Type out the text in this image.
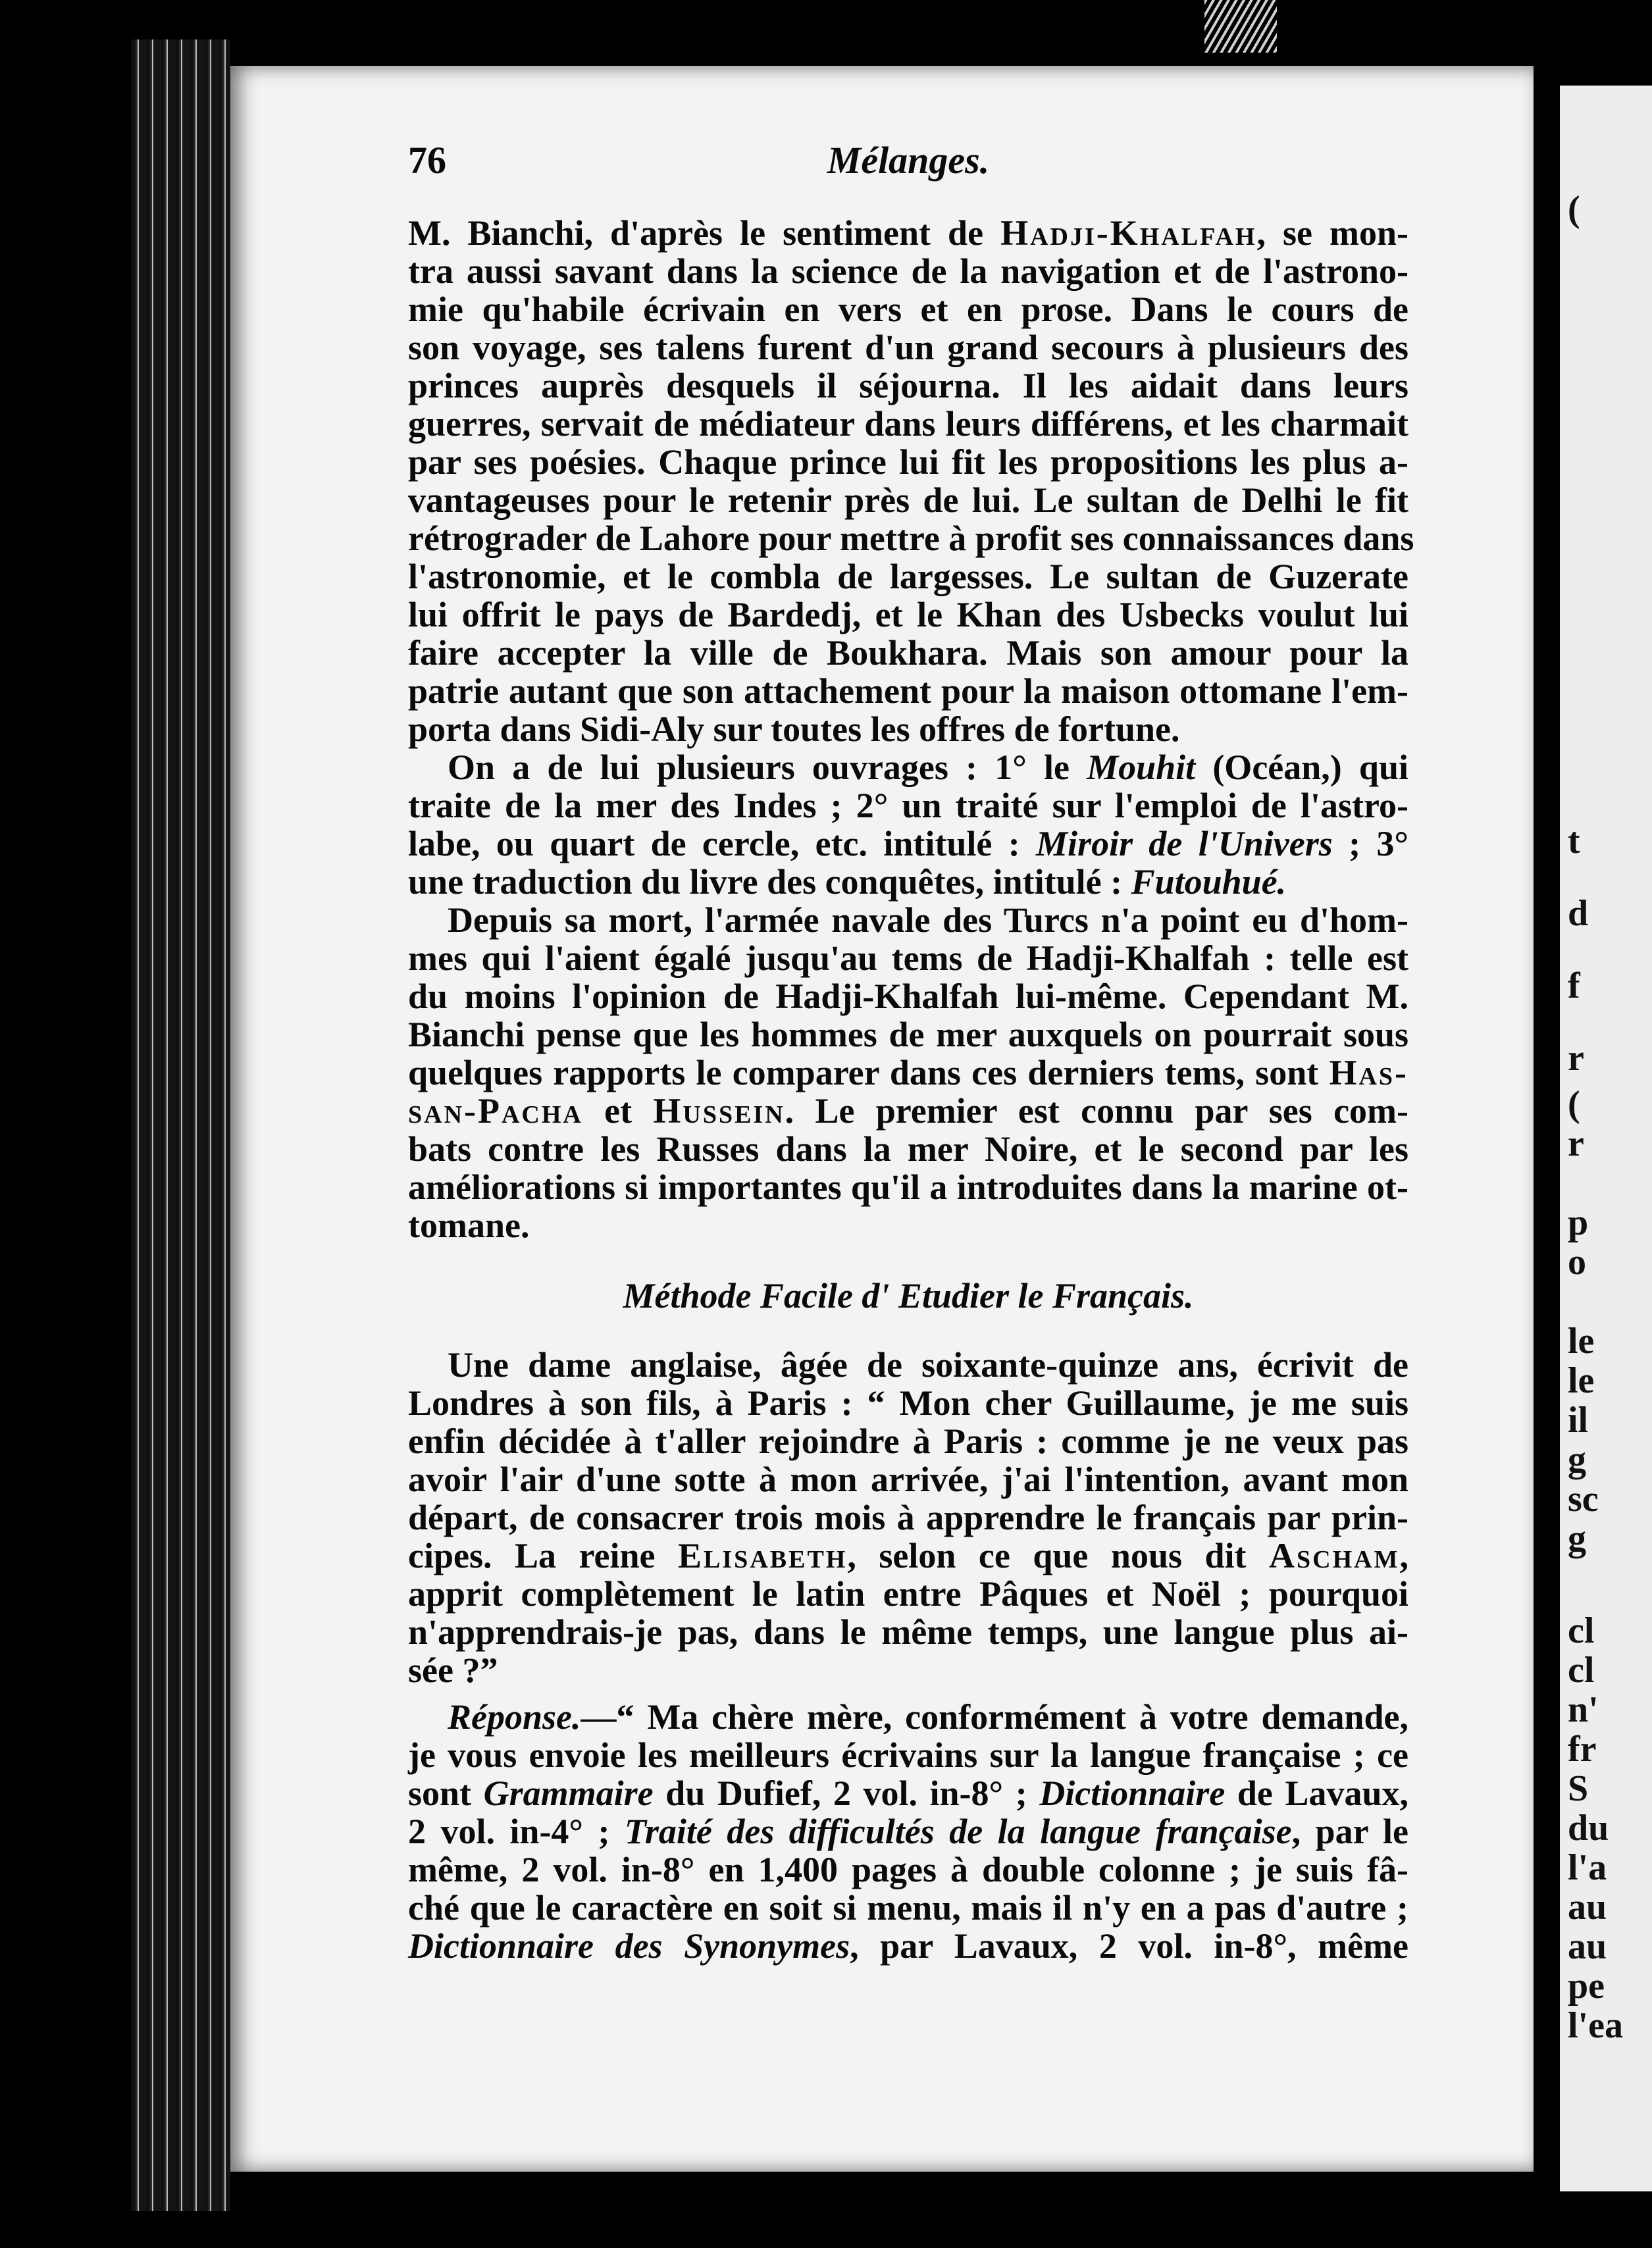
76	Mélanges.
M. Bianchi, d'après le sentiment de Hadji-Khalfah, se mon-
tra aussi savant dans la science de la navigation et de l'astrono-
mie qu'habile écrivain en vers et en prose. Dans le cours de
son voyage, ses talens furent d'un grand secours à plusieurs des
princes auprès desquels il séjourna. Il les aidait dans leurs
guerres, servait de médiateur dans leurs différens, et les charmait
par ses poésies. Chaque prince lui fit les propositions les plus a-
vantageuses pour le retenir près de lui. Le sultan de Delhi le fit
rétrograder de Lahore pour mettre à profit ses connaissances dans
l'astronomie, et le combla de largesses. Le sultan de Guzerate
lui offrit le pays de Bardedj, et le Khan des Usbecks voulut lui
faire accepter la ville de Boukhara. Mais son amour pour la
patrie autant que son attachement pour la maison ottomane l'em-
porta dans Sidi-Aly sur toutes les offres de fortune.
On a de lui plusieurs ouvrages : 1° le Mouhit (Océan,) qui
traite de la mer des Indes ; 2° un traité sur l'emploi de l'astro-
labe, ou quart de cercle, etc. intitulé : Miroir de l'Univers ; 3°
une traduction du livre des conquêtes, intitulé : Futouhué.
Depuis sa mort, l'armée navale des Turcs n'a point eu d'hom-
mes qui l'aient égalé jusqu'au tems de Hadji-Khalfah : telle est
du moins l'opinion de Hadji-Khalfah lui-même. Cependant M.
Bianchi pense que les hommes de mer auxquels on pourrait sous
quelques rapports le comparer dans ces derniers tems, sont Has-
san-Pacha et Hussein. Le premier est connu par ses com-
bats contre les Russes dans la mer Noire, et le second par les
améliorations si importantes qu'il a introduites dans la marine ot-
tomane.
Méthode Facile d' Etudier le Français.
Une dame anglaise, âgée de soixante-quinze ans, écrivit de
Londres à son fils, à Paris : “ Mon cher Guillaume, je me suis
enfin décidée à t'aller rejoindre à Paris : comme je ne veux pas
avoir l'air d'une sotte à mon arrivée, j'ai l'intention, avant mon
départ, de consacrer trois mois à apprendre le français par prin-
cipes. La reine Elisabeth, selon ce que nous dit Ascham,
apprit complètement le latin entre Pâques et Noël ; pourquoi
n'apprendrais-je pas, dans le même temps, une langue plus ai-
sée ?”
Réponse.—“ Ma chère mère, conformément à votre demande,
je vous envoie les meilleurs écrivains sur la langue française ; ce
sont Grammaire du Dufief, 2 vol. in-8° ; Dictionnaire de Lavaux,
2 vol. in-4° ; Traité des difficultés de la langue française, par le
même, 2 vol. in-8° en 1,400 pages à double colonne ; je suis fâ-
ché que le caractère en soit si menu, mais il n'y en a pas d'autre ;
Dictionnaire des Synonymes, par Lavaux, 2 vol. in-8°, même
(
t
d
f
r
(
r
p
o
le
le
il
g
sc
g
cl
cl
n'
fr
S
du
l'a
au
au
pe
l'ea
